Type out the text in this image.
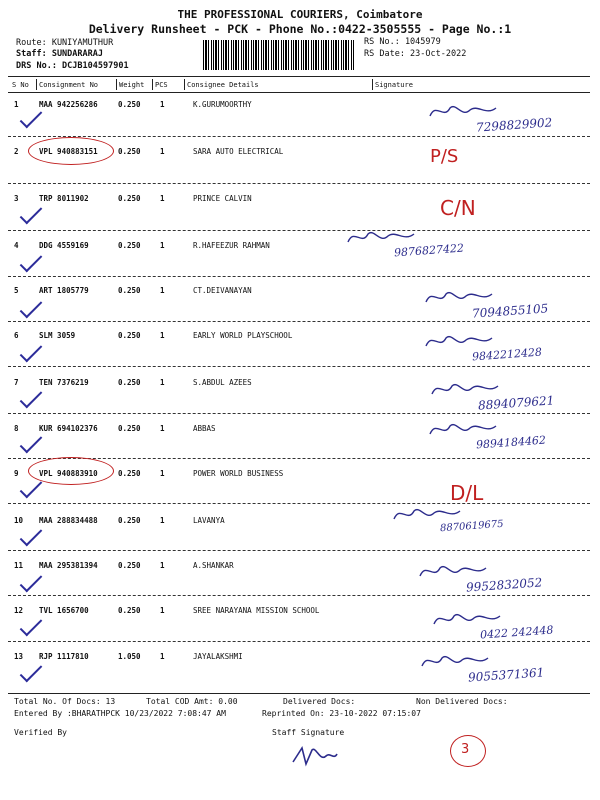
THE PROFESSIONAL COURIERS, Coimbatore
Delivery Runsheet - PCK - Phone No.:0422-3505555 - Page No.:1
Route: KUNIYAMUTHUR
Staff: SUNDARARAJ
DRS No.: DCJB104597901
RS No.: 1045979
RS Date: 23-Oct-2022
S No Consignment No	Weight PCS	Consignee Details	Signature
1	MAA 942256286	0.250	1	K.GURUMOORTHY
7298829902
2	VPL 940883151	0.250	1	SARA AUTO ELECTRICAL	P/S
3	TRP 8011902	0.250	1	PRINCE CALVIN	C/N
4	DDG 4559169	0.250	1	R.HAFEEZUR RAHMAN	9876827422
5	ART 1805779	0.250	1	CT.DEIVANAYAN
7094855105
6	SLM 3059	0.250	1	EARLY WORLD PLAYSCHOOL
9842212428
7	TEN 7376219	0.250	1	S.ABDUL AZEES
8894079621
8	KUR 694102376	0.250	1	ABBAS
9894184462
9	VPL 940883910	0.250	1	POWER WORLD BUSINESS
D/L
10 MAA 288834488	0.250	1	LAVANYA	8870619675
11 MAA 295381394	0.250	1	A.SHANKAR
9952832052
12 TVL 1656700	0.250	1	SREE NARAYANA MISSION SCHOOL
0422 242448
13 RJP 1117810	1.050	1	JAYALAKSHMI
9055371361
Total No. Of Docs: 13	Total COD Amt: 0.00	Delivered Docs:	Non Delivered Docs:
Entered By :BHARATHPCK 10/23/2022 7:08:47 AM	Reprinted On: 23-10-2022 07:15:07
Verified By	Staff Signature
3
